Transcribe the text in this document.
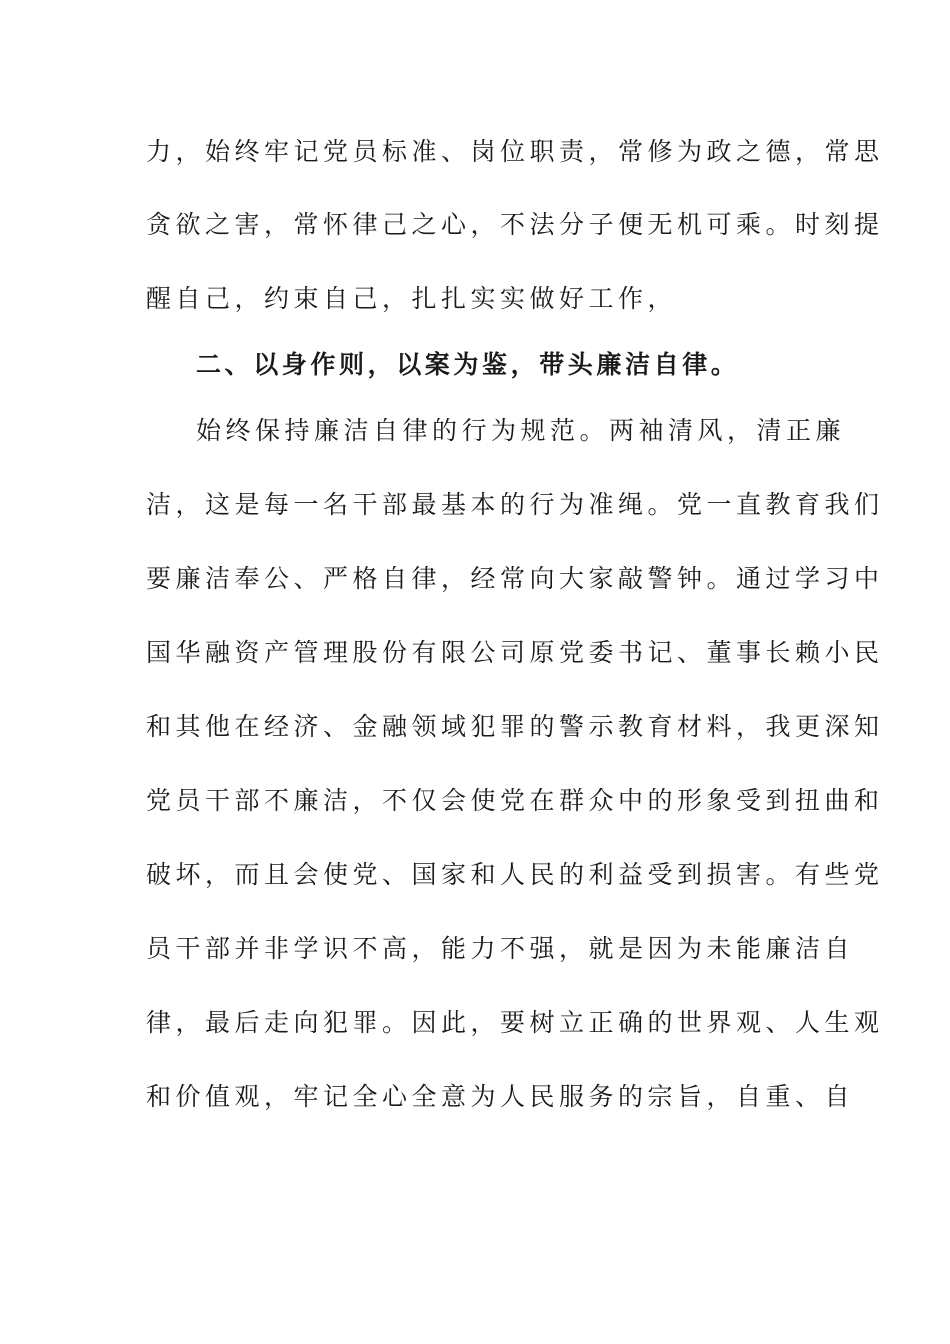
力，始终牢记党员标准、岗位职责，常修为政之德，常思
贪欲之害，常怀律己之心，不法分子便无机可乘。时刻提
醒自己，约束自己，扎扎实实做好工作，
二、以身作则，以案为鉴，带头廉洁自律。
始终保持廉洁自律的行为规范。两袖清风，清正廉
洁，这是每一名干部最基本的行为准绳。党一直教育我们
要廉洁奉公、严格自律，经常向大家敲警钟。通过学习中
国华融资产管理股份有限公司原党委书记、董事长赖小民
和其他在经济、金融领域犯罪的警示教育材料，我更深知
党员干部不廉洁，不仅会使党在群众中的形象受到扭曲和
破坏，而且会使党、国家和人民的利益受到损害。有些党
员干部并非学识不高，能力不强，就是因为未能廉洁自
律，最后走向犯罪。因此，要树立正确的世界观、人生观
和价值观，牢记全心全意为人民服务的宗旨，自重、自
